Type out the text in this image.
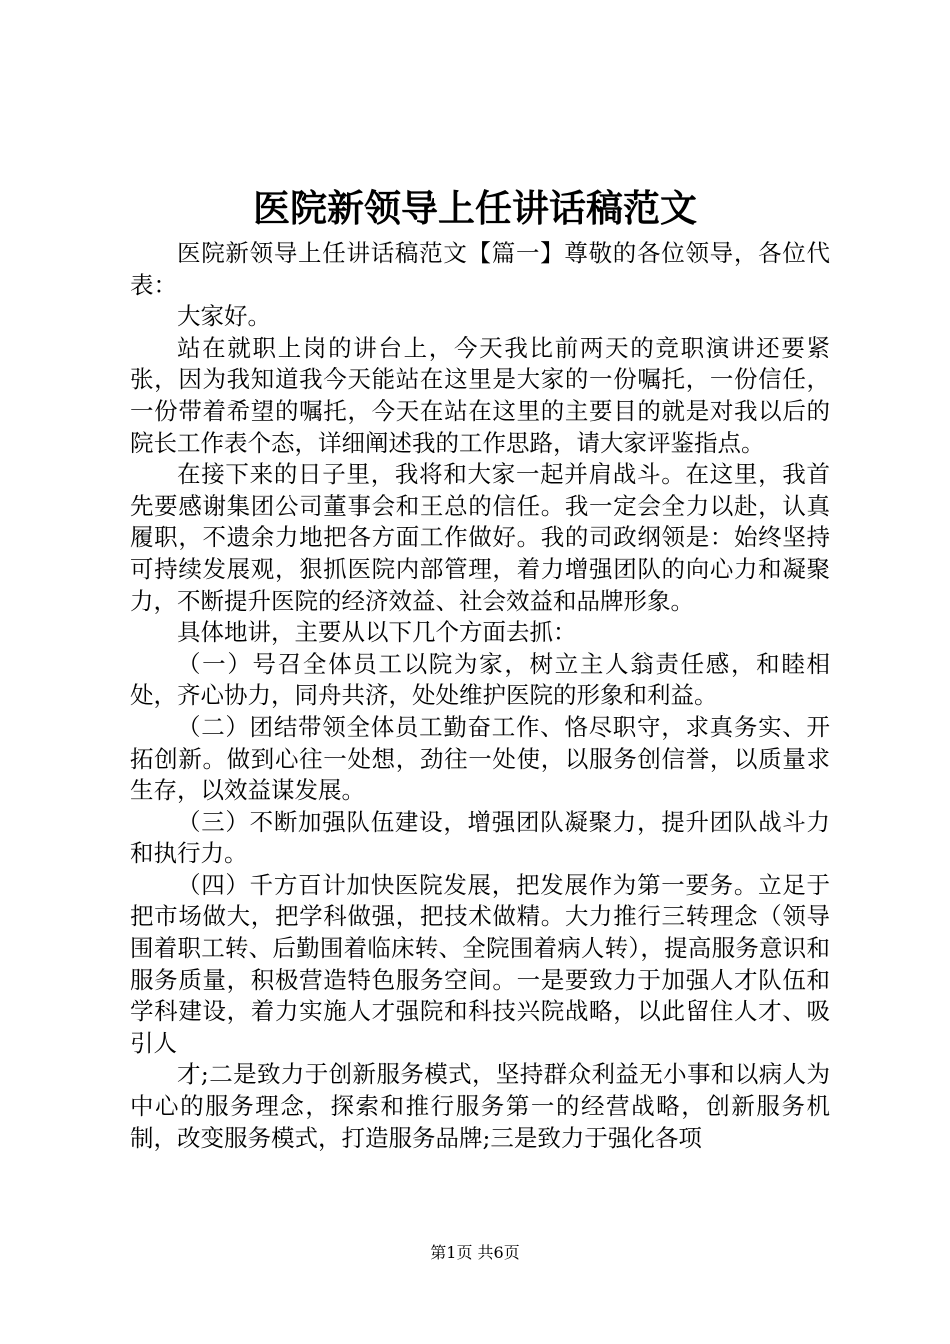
医院新领导上任讲话稿范文

医院新领导上任讲话稿范文【篇一】尊敬的各位领导，各位代表：

大家好。

站在就职上岗的讲台上，今天我比前两天的竞职演讲还要紧张，因为我知道我今天能站在这里是大家的一份嘱托，一份信任，一份带着希望的嘱托，今天在站在这里的主要目的就是对我以后的院长工作表个态，详细阐述我的工作思路，请大家评鉴指点。

在接下来的日子里，我将和大家一起并肩战斗。在这里，我首先要感谢集团公司董事会和王总的信任。我一定会全力以赴，认真履职，不遗余力地把各方面工作做好。我的司政纲领是：始终坚持可持续发展观，狠抓医院内部管理，着力增强团队的向心力和凝聚力，不断提升医院的经济效益、社会效益和品牌形象。

具体地讲，主要从以下几个方面去抓：

（一）号召全体员工以院为家，树立主人翁责任感，和睦相处，齐心协力，同舟共济，处处维护医院的形象和利益。

（二）团结带领全体员工勤奋工作、恪尽职守，求真务实、开拓创新。做到心往一处想，劲往一处使，以服务创信誉，以质量求生存，以效益谋发展。

（三）不断加强队伍建设，增强团队凝聚力，提升团队战斗力和执行力。

（四）千方百计加快医院发展，把发展作为第一要务。立足于把市场做大，把学科做强，把技术做精。大力推行三转理念（领导围着职工转、后勤围着临床转、全院围着病人转），提高服务意识和服务质量，积极营造特色服务空间。一是要致力于加强人才队伍和学科建设，着力实施人才强院和科技兴院战略，以此留住人才、吸引人

才;二是致力于创新服务模式，坚持群众利益无小事和以病人为中心的服务理念，探索和推行服务第一的经营战略，创新服务机制，改变服务模式，打造服务品牌;三是致力于强化各项

第1页 共6页
